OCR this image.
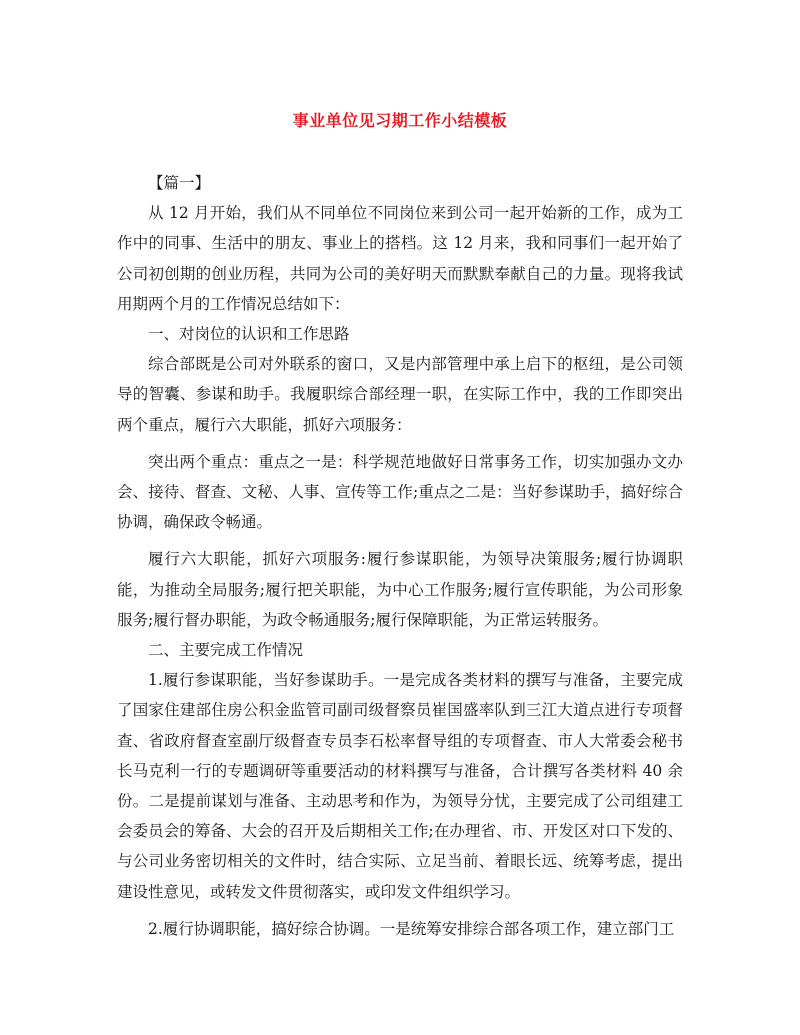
事业单位见习期工作小结模板

【篇一】

从 12 月开始，我们从不同单位不同岗位来到公司一起开始新的工作，成为工作中的同事、生活中的朋友、事业上的搭档。这 12 月来，我和同事们一起开始了公司初创期的创业历程，共同为公司的美好明天而默默奉献自己的力量。现将我试用期两个月的工作情况总结如下：

一、对岗位的认识和工作思路

综合部既是公司对外联系的窗口，又是内部管理中承上启下的枢纽，是公司领导的智囊、参谋和助手。我履职综合部经理一职，在实际工作中，我的工作即突出两个重点，履行六大职能，抓好六项服务：

突出两个重点：重点之一是：科学规范地做好日常事务工作，切实加强办文办会、接待、督查、文秘、人事、宣传等工作;重点之二是：当好参谋助手，搞好综合协调，确保政令畅通。

履行六大职能，抓好六项服务:履行参谋职能，为领导决策服务;履行协调职能，为推动全局服务;履行把关职能，为中心工作服务;履行宣传职能，为公司形象服务;履行督办职能，为政令畅通服务;履行保障职能，为正常运转服务。

二、主要完成工作情况

1.履行参谋职能，当好参谋助手。一是完成各类材料的撰写与准备，主要完成了国家住建部住房公积金监管司副司级督察员崔国盛率队到三江大道点进行专项督查、省政府督查室副厅级督查专员李石松率督导组的专项督查、市人大常委会秘书长马克利一行的专题调研等重要活动的材料撰写与准备，合计撰写各类材料 40 余份。二是提前谋划与准备、主动思考和作为，为领导分忧，主要完成了公司组建工会委员会的筹备、大会的召开及后期相关工作;在办理省、市、开发区对口下发的、与公司业务密切相关的文件时，结合实际、立足当前、着眼长远、统筹考虑，提出建设性意见，或转发文件贯彻落实，或印发文件组织学习。

2.履行协调职能，搞好综合协调。一是统筹安排综合部各项工作，建立部门工
